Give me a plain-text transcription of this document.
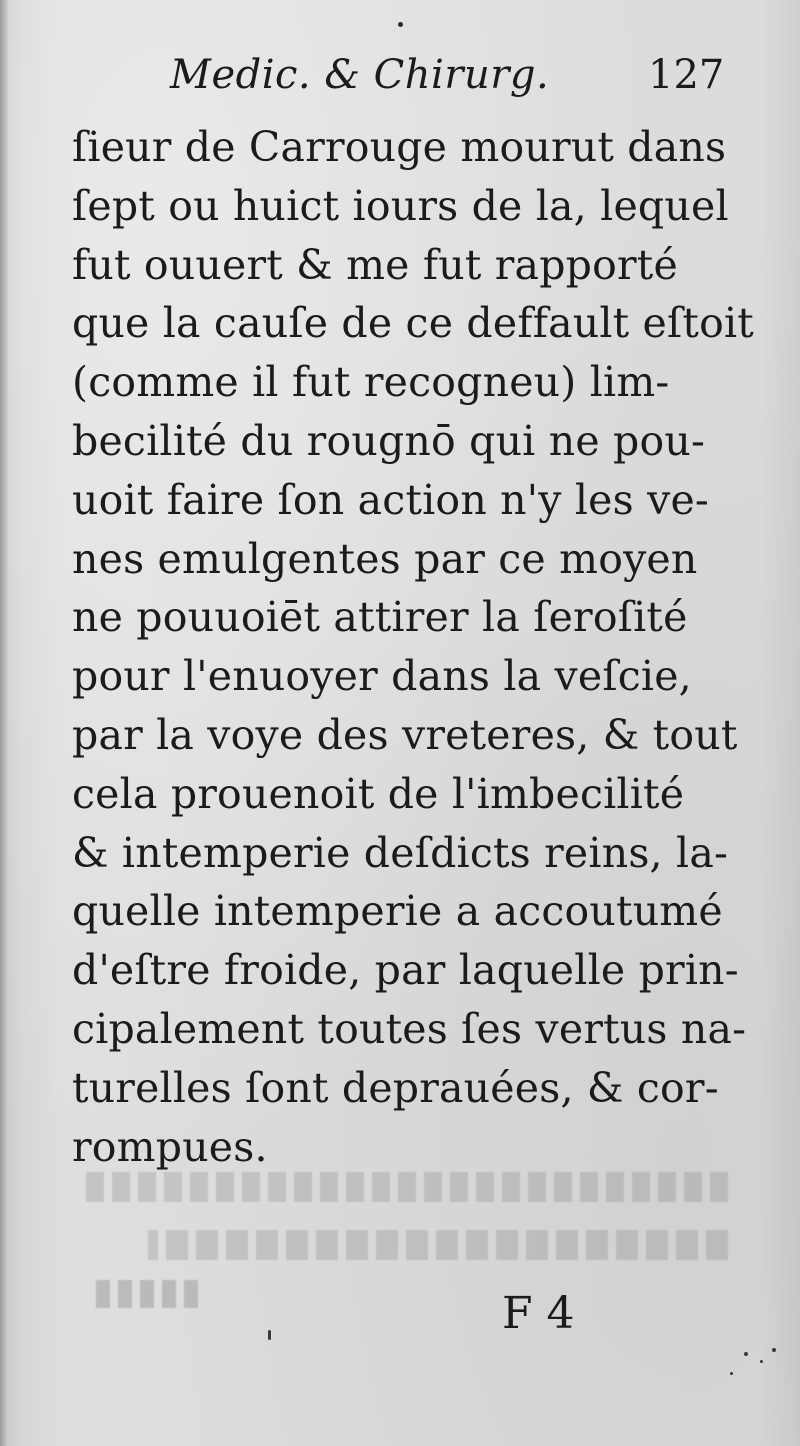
Medic. & Chirurg. 127
ſieur de Carrouge mourut dans
ſept ou huict iours de la, lequel
fut ouuert & me fut rapporté
que la cauſe de ce deffault eſtoit
(comme il fut recogneu) lim-
becilité du rougnō qui ne pou-
uoit faire ſon action n'y les ve-
nes emulgentes par ce moyen
ne pouuoiēt attirer la ſeroſité
pour l'enuoyer dans la veſcie,
par la voye des vreteres, & tout
cela prouenoit de l'imbecilité
& intemperie deſdicts reins, la-
quelle intemperie a accoutumé
d'eſtre froide, par laquelle prin-
cipalement toutes ſes vertus na-
turelles ſont deprauées, & cor-
rompues.
F 4
